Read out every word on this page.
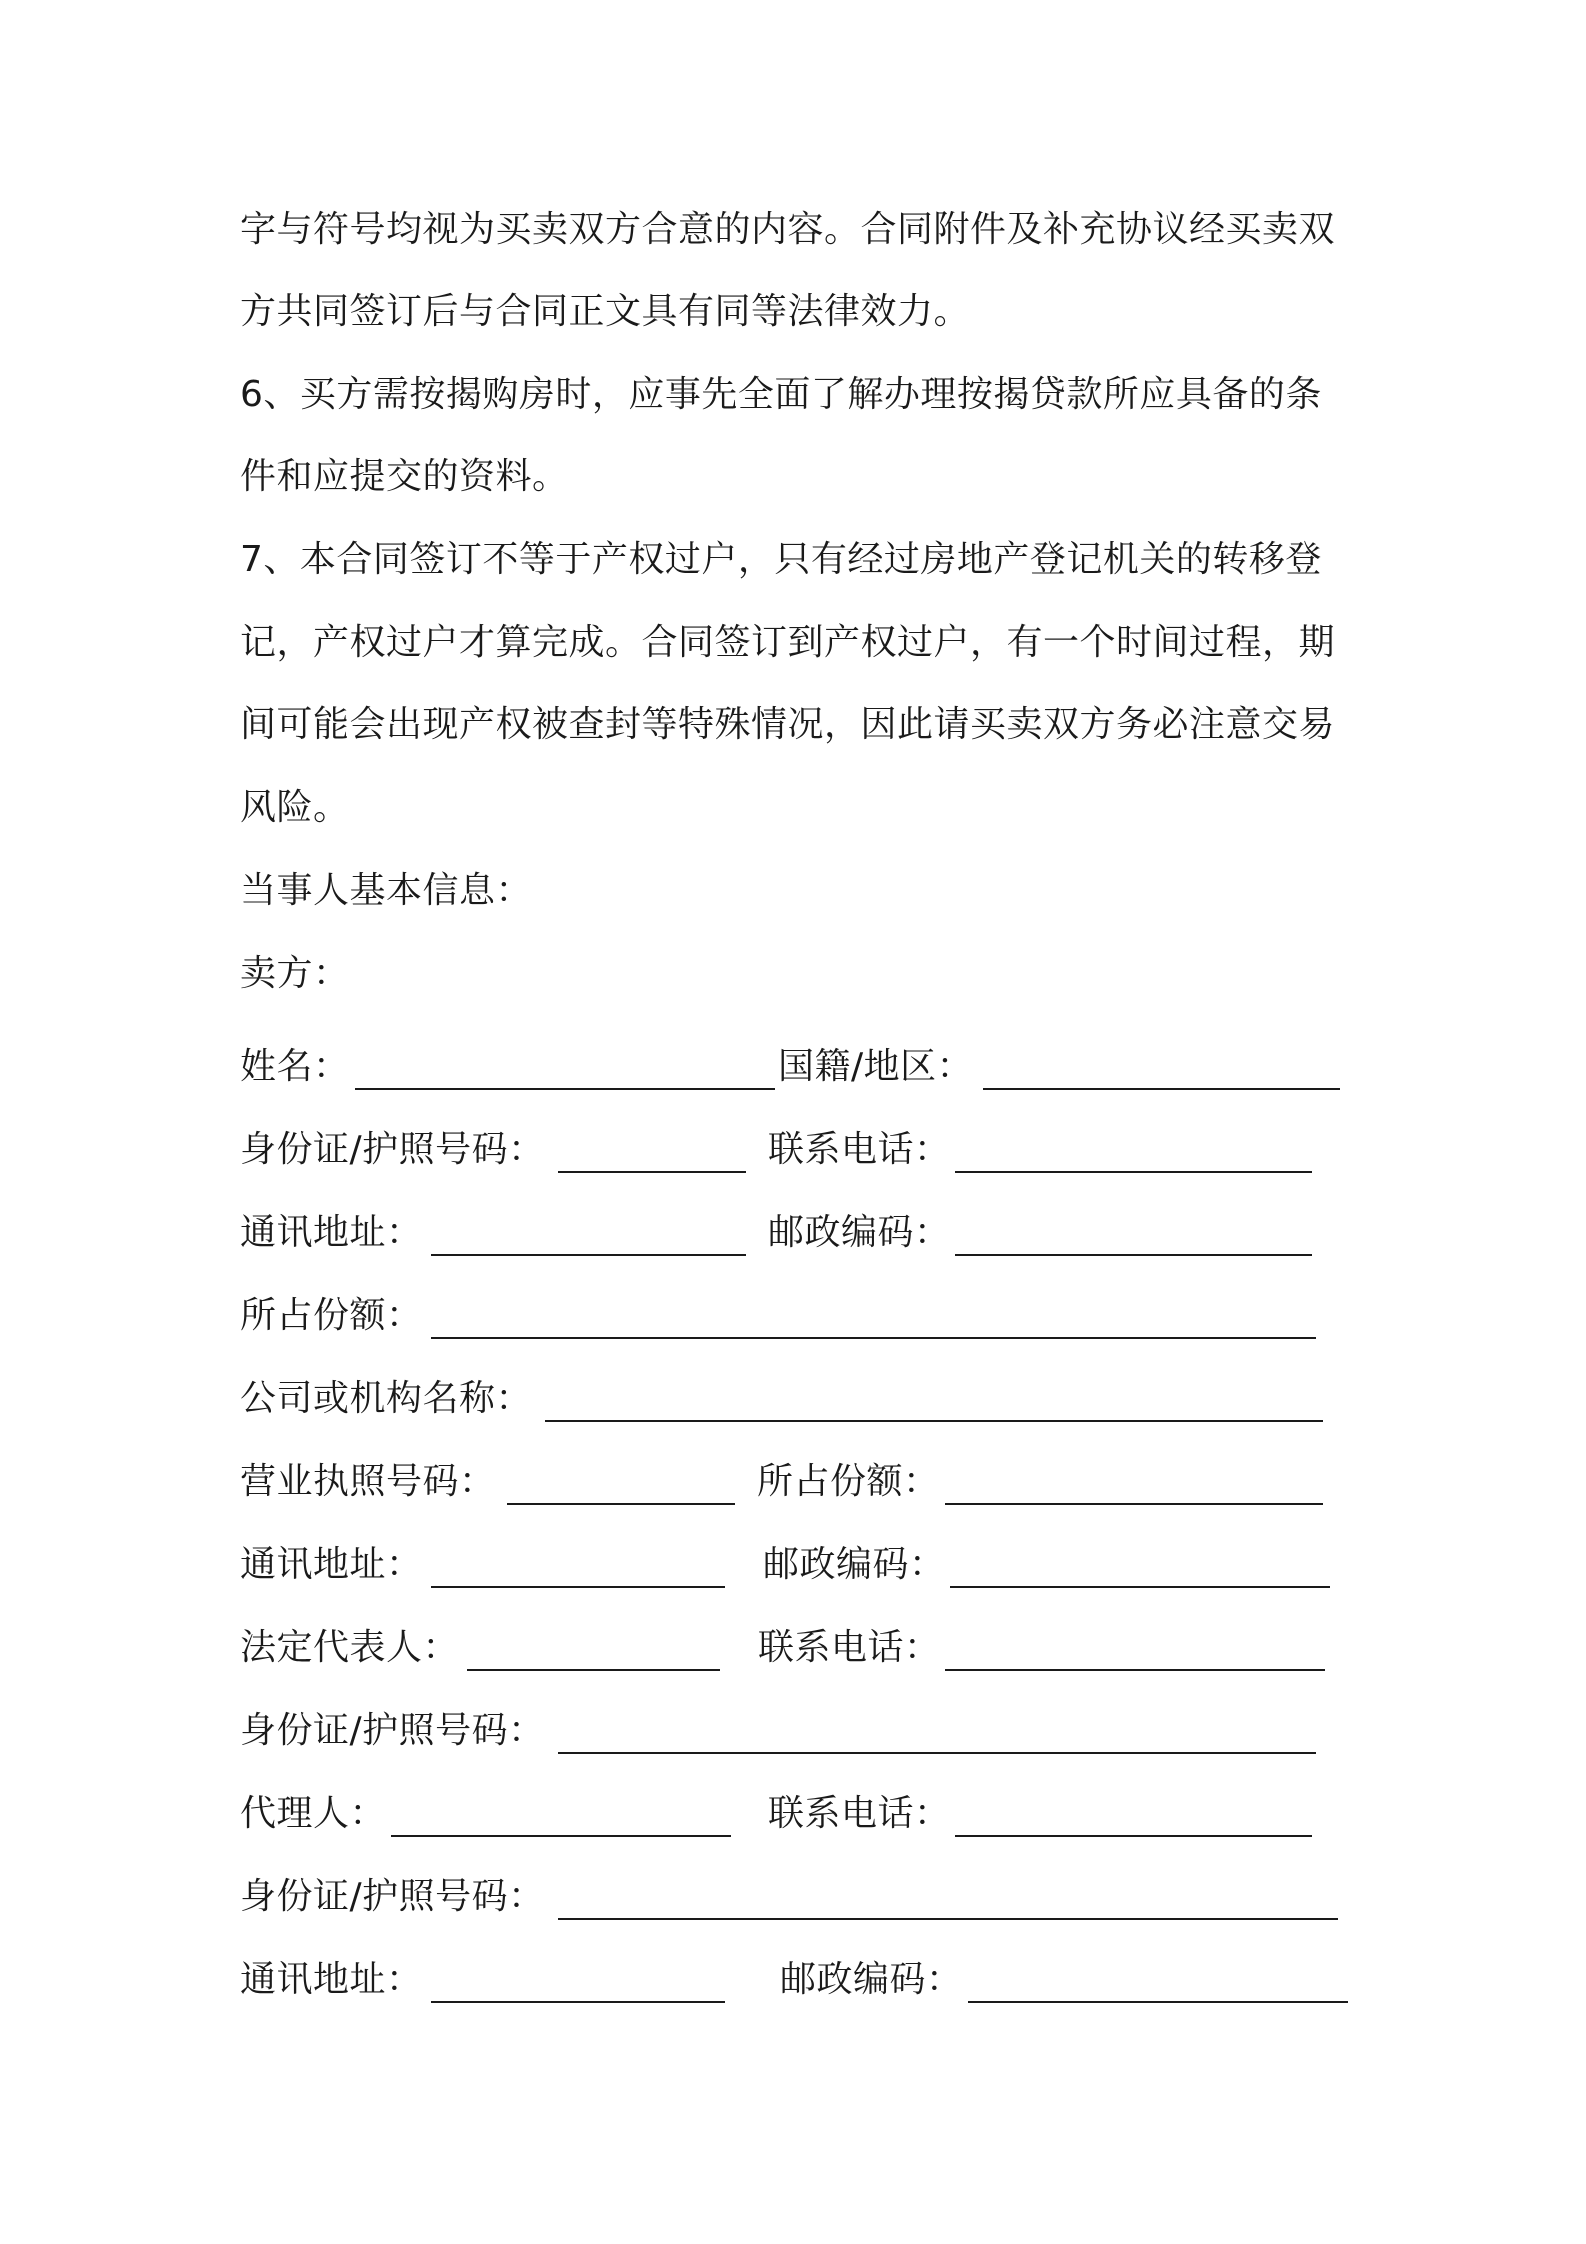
字与符号均视为买卖双方合意的内容。合同附件及补充协议经买卖双
方共同签订后与合同正文具有同等法律效力。
6、买方需按揭购房时，应事先全面了解办理按揭贷款所应具备的条
件和应提交的资料。
7、本合同签订不等于产权过户，只有经过房地产登记机关的转移登
记，产权过户才算完成。合同签订到产权过户，有一个时间过程，期
间可能会出现产权被查封等特殊情况，因此请买卖双方务必注意交易
风险。
当事人基本信息：
卖方：
姓名：	国籍/地区：
身份证/护照号码：	联系电话：
通讯地址：	邮政编码：
所占份额：
公司或机构名称：
营业执照号码：	所占份额：
通讯地址：	邮政编码：
法定代表人：	联系电话：
身份证/护照号码：
代理人：	联系电话：
身份证/护照号码：
通讯地址：	邮政编码：
